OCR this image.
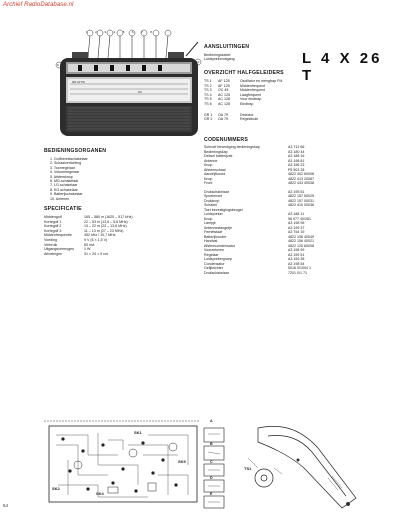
Archief RadioDatabase.nl
L 4 X 26 T
MW LW KW
FM
1	2	3	4	5	6	7	8
9
10
AANSLUITINGEN
Bedieningskabel
Luidsprekeruitgang
OVERZICHT HALFGELEIDERS
TS 1 AF 125	Oscillator en mengtrap FM
TS 2 AF 125	Middenfrequent
TS 3 OC 45	Middenfrequent
TS 4 AC 125	Laagfrequent
TS 5 AC 128	Voor eindtrap
TS 6 AC 128	Eindtrap
GR 1 OA 79	Detector
GR 2 OA 79	Regeldiode
BEDIENINGSORGANEN
1. Golfbereikschakelaar
2. Schaalverlichting
3. Toonregelaar
4. Volumeregelaar
5. Afstemknop
6. MG-schakelaar
7. LG-schakelaar
8. KG-schakelaar
9. Batterijschakelaar
10. Antenne
SPECIFICATIE
Middengolf	165 – 580 m (1620 – 517 kHz)
Kortegolf 1	22 – 53 m (13,6 – 5,6 MHz)
Kortegolf 2	13 – 22 m (23 – 13,6 MHz)
Kortegolf 3	11 – 13 m (27 – 23 MHz)
Middenfrequentie	452 kHz / 10,7 MHz
Voeding	9 V (6 × 1,5 V)
Verbruik	60 mA
Uitgangsvermogen	1 W
Afmetingen	31 × 20 × 9 cm
CODENUMMERS
Schroef bevestiging bedieningskap	A3 712 66
Bedieningskap	A3 180 44
Deksel batterijvak	A3 188 16
Antenne	A3 198 81
Knop	A3 196 23
Afstemschaal	P5 503 28
Aandrijfkoord	4822 402 60006
Knop	4822 413 20087
Front	4822 443 40038
Drukschakelaar	A3 195 51
Spoelenset	4822 157 50025
Drukknop	4822 157 00031
Schakel	4822 410 00036
Toet bevestigingsbeugel
Luidspreker	A3 188 11
Knop	96 077 40/281
Lampje	A3 198 95
Antennestangetje	A3 199 37
Ferrietstaaf	A3 754 19
Batterijhouder	4822 156 40049
Handvat	4822 156 40021
Afstemcondensator	4822 125 60008
Voorzetoven	A3 198 99
Regelaar	A3 159 51
Luidsprekergroep	A3 159 38
Condensator	A3 198 54
Gelijkrichter	5016 0/1004 1
Drukschakelaar	7201 0/1 71
SK1
SK2
SK4
SK5
A
B
C
D
E
TS1
64
